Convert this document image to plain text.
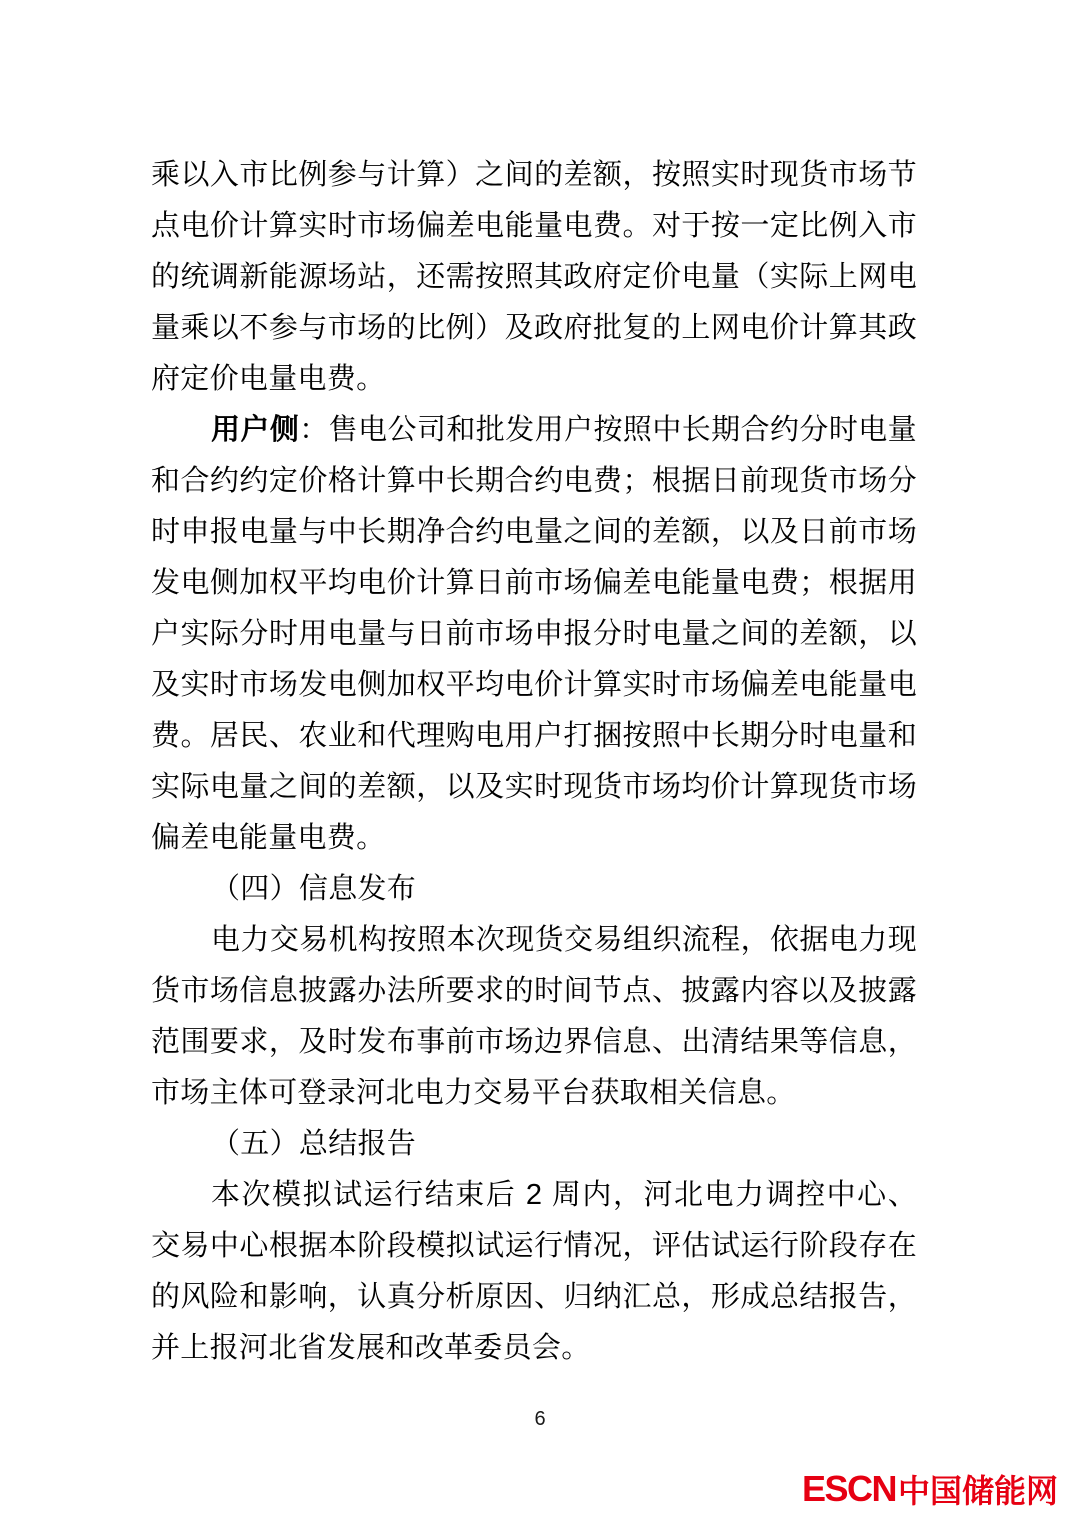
乘以入市比例参与计算）之间的差额，按照实时现货市场节点电价计算实时市场偏差电能量电费。对于按一定比例入市的统调新能源场站，还需按照其政府定价电量（实际上网电量乘以不参与市场的比例）及政府批复的上网电价计算其政府定价电量电费。

用户侧：售电公司和批发用户按照中长期合约分时电量和合约约定价格计算中长期合约电费；根据日前现货市场分时申报电量与中长期净合约电量之间的差额，以及日前市场发电侧加权平均电价计算日前市场偏差电能量电费；根据用户实际分时用电量与日前市场申报分时电量之间的差额，以及实时市场发电侧加权平均电价计算实时市场偏差电能量电费。居民、农业和代理购电用户打捆按照中长期分时电量和实际电量之间的差额，以及实时现货市场均价计算现货市场偏差电能量电费。

（四）信息发布

电力交易机构按照本次现货交易组织流程，依据电力现货市场信息披露办法所要求的时间节点、披露内容以及披露范围要求，及时发布事前市场边界信息、出清结果等信息，市场主体可登录河北电力交易平台获取相关信息。

（五）总结报告

本次模拟试运行结束后 2 周内，河北电力调控中心、交易中心根据本阶段模拟试运行情况，评估试运行阶段存在的风险和影响，认真分析原因、归纳汇总，形成总结报告，并上报河北省发展和改革委员会。

6
ESCN 中国储能网
